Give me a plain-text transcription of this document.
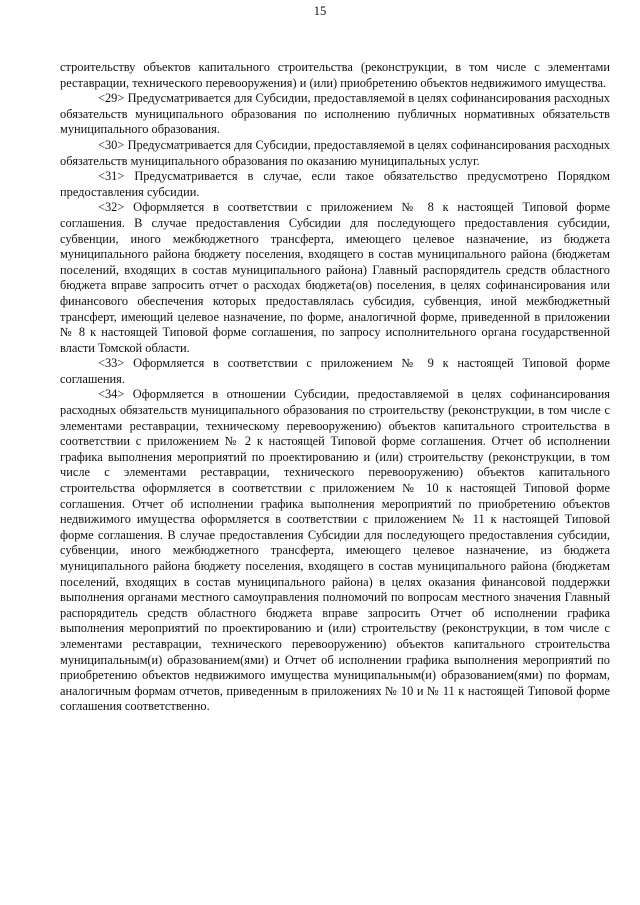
15

строительству объектов капитального строительства (реконструкции, в том числе с элементами реставрации, технического перевооружения) и (или) приобретению объектов недвижимого имущества.

<29> Предусматривается для Субсидии, предоставляемой в целях софинансирования расходных обязательств муниципального образования по исполнению публичных нормативных обязательств муниципального образования.

<30> Предусматривается для Субсидии, предоставляемой в целях софинансирования расходных обязательств муниципального образования по оказанию муниципальных услуг.

<31> Предусматривается в случае, если такое обязательство предусмотрено Порядком предоставления субсидии.

<32> Оформляется в соответствии с приложением № 8 к настоящей Типовой форме соглашения. В случае предоставления Субсидии для последующего предоставления субсидии, субвенции, иного межбюджетного трансферта, имеющего целевое назначение, из бюджета муниципального района бюджету поселения, входящего в состав муниципального района (бюджетам поселений, входящих в состав муниципального района) Главный распорядитель средств областного бюджета вправе запросить отчет о расходах бюджета(ов) поселения, в целях софинансирования или финансового обеспечения которых предоставлялась субсидия, субвенция, иной межбюджетный трансферт, имеющий целевое назначение, по форме, аналогичной форме, приведенной в приложении № 8 к настоящей Типовой форме соглашения, по запросу исполнительного органа государственной власти Томской области.

<33> Оформляется в соответствии с приложением № 9 к настоящей Типовой форме соглашения.

<34> Оформляется в отношении Субсидии, предоставляемой в целях софинансирования расходных обязательств муниципального образования по строительству (реконструкции, в том числе с элементами реставрации, техническому перевооружению) объектов капитального строительства в соответствии с приложением № 2 к настоящей Типовой форме соглашения. Отчет об исполнении графика выполнения мероприятий по проектированию и (или) строительству (реконструкции, в том числе с элементами реставрации, технического перевооружению) объектов капитального строительства оформляется в соответствии с приложением № 10 к настоящей Типовой форме соглашения. Отчет об исполнении графика выполнения мероприятий по приобретению объектов недвижимого имущества оформляется в соответствии с приложением № 11 к настоящей Типовой форме соглашения. В случае предоставления Субсидии для последующего предоставления субсидии, субвенции, иного межбюджетного трансферта, имеющего целевое назначение, из бюджета муниципального района бюджету поселения, входящего в состав муниципального района (бюджетам поселений, входящих в состав муниципального района) в целях оказания финансовой поддержки выполнения органами местного самоуправления полномочий по вопросам местного значения Главный распорядитель средств областного бюджета вправе запросить Отчет об исполнении графика выполнения мероприятий по проектированию и (или) строительству (реконструкции, в том числе с элементами реставрации, технического перевооружению) объектов капитального строительства муниципальным(и) образованием(ями) и Отчет об исполнении графика выполнения мероприятий по приобретению объектов недвижимого имущества муниципальным(и) образованием(ями) по формам, аналогичным формам отчетов, приведенным в приложениях № 10 и № 11 к настоящей Типовой форме соглашения соответственно.
